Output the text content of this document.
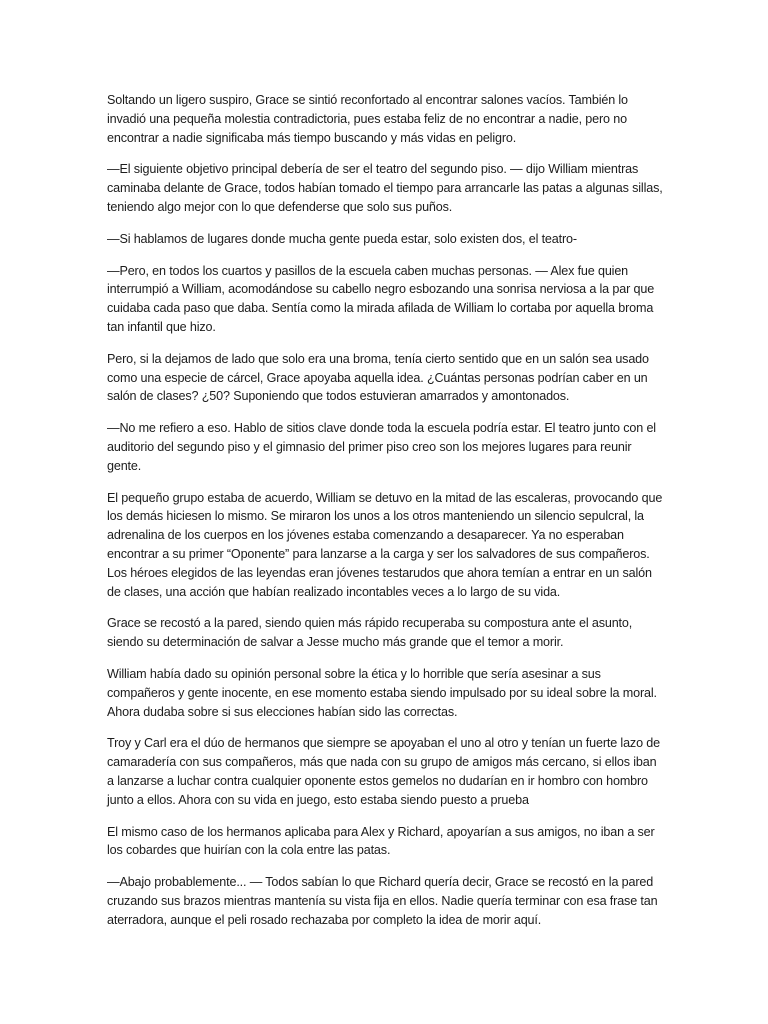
Soltando un ligero suspiro, Grace se sintió reconfortado al encontrar salones vacíos. También lo invadió una pequeña molestia contradictoria, pues estaba feliz de no encontrar a nadie, pero no encontrar a nadie significaba más tiempo buscando y más vidas en peligro.

—El siguiente objetivo principal debería de ser el teatro del segundo piso. — dijo William mientras caminaba delante de Grace, todos habían tomado el tiempo para arrancarle las patas a algunas sillas, teniendo algo mejor con lo que defenderse que solo sus puños.

—Si hablamos de lugares donde mucha gente pueda estar, solo existen dos, el teatro-

—Pero, en todos los cuartos y pasillos de la escuela caben muchas personas. — Alex fue quien interrumpió a William, acomodándose su cabello negro esbozando una sonrisa nerviosa a la par que cuidaba cada paso que daba. Sentía como la mirada afilada de William lo cortaba por aquella broma tan infantil que hizo.

Pero, si la dejamos de lado que solo era una broma, tenía cierto sentido que en un salón sea usado como una especie de cárcel, Grace apoyaba aquella idea. ¿Cuántas personas podrían caber en un salón de clases? ¿50? Suponiendo que todos estuvieran amarrados y amontonados.

—No me refiero a eso. Hablo de sitios clave donde toda la escuela podría estar. El teatro junto con el auditorio del segundo piso y el gimnasio del primer piso creo son los mejores lugares para reunir gente.

El pequeño grupo estaba de acuerdo, William se detuvo en la mitad de las escaleras, provocando que los demás hiciesen lo mismo. Se miraron los unos a los otros manteniendo un silencio sepulcral, la adrenalina de los cuerpos en los jóvenes estaba comenzando a desaparecer. Ya no esperaban encontrar a su primer “Oponente” para lanzarse a la carga y ser los salvadores de sus compañeros. Los héroes elegidos de las leyendas eran jóvenes testarudos que ahora temían a entrar en un salón de clases, una acción que habían realizado incontables veces a lo largo de su vida.

Grace se recostó a la pared, siendo quien más rápido recuperaba su compostura ante el asunto, siendo su determinación de salvar a Jesse mucho más grande que el temor a morir.

William había dado su opinión personal sobre la ética y lo horrible que sería asesinar a sus compañeros y gente inocente, en ese momento estaba siendo impulsado por su ideal sobre la moral. Ahora dudaba sobre si sus elecciones habían sido las correctas.

Troy y Carl era el dúo de hermanos que siempre se apoyaban el uno al otro y tenían un fuerte lazo de camaradería con sus compañeros, más que nada con su grupo de amigos más cercano, si ellos iban a lanzarse a luchar contra cualquier oponente estos gemelos no dudarían en ir hombro con hombro junto a ellos. Ahora con su vida en juego, esto estaba siendo puesto a prueba

El mismo caso de los hermanos aplicaba para Alex y Richard, apoyarían a sus amigos, no iban a ser los cobardes que huirían con la cola entre las patas.

—Abajo probablemente... — Todos sabían lo que Richard quería decir, Grace se recostó en la pared cruzando sus brazos mientras mantenía su vista fija en ellos. Nadie quería terminar con esa frase tan aterradora, aunque el peli rosado rechazaba por completo la idea de morir aquí.
